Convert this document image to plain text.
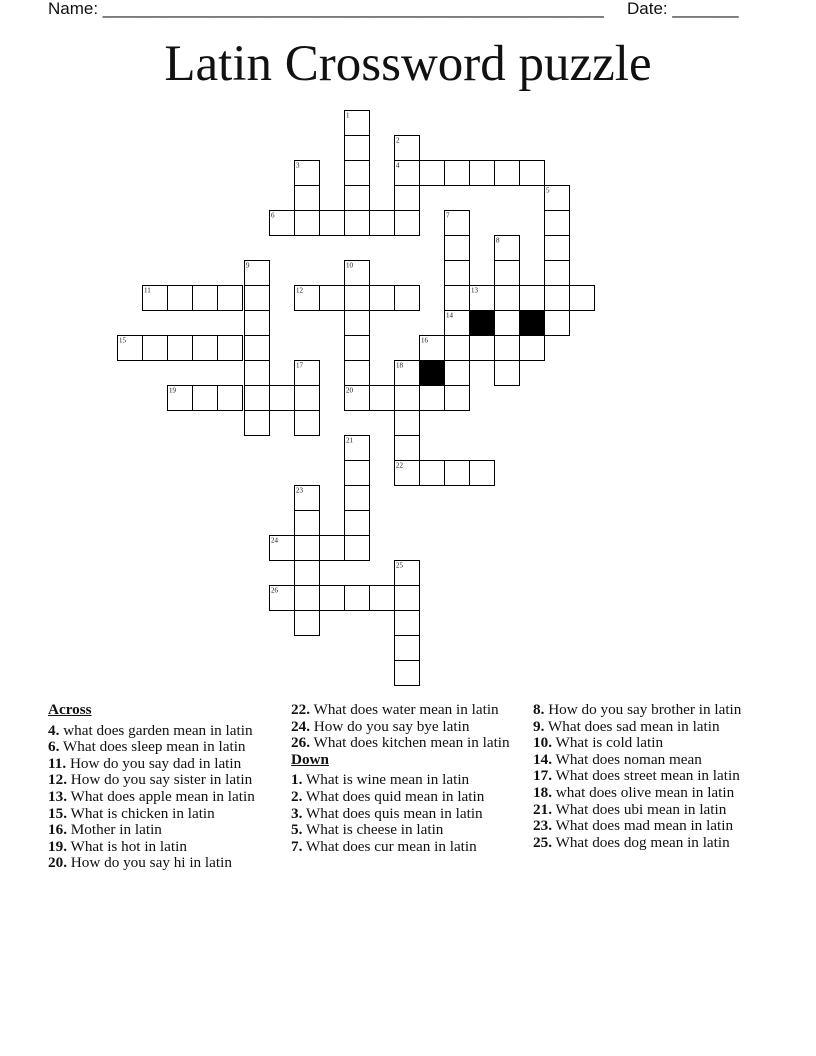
Name: _____________________________________________________ Date: _______
Latin Crossword puzzle
1
2
4
3
5
6	7
14
8
9	10
20
11	12	13
15	16
17	18
19
22
21
23
24
25
26
Across
4. what does garden mean in latin
6. What does sleep mean in latin
11. How do you say dad in latin
12. How do you say sister in latin
13. What does apple mean in latin
15. What is chicken in latin
16. Mother in latin
19. What is hot in latin
20. How do you say hi in latin
22. What does water mean in latin
24. How do you say bye latin
26. What does kitchen mean in latin
Down
1. What is wine mean in latin
2. What does quid mean in latin
3. What does quis mean in latin
5. What is cheese in latin
7. What does cur mean in latin
8. How do you say brother in latin
9. What does sad mean in latin
10. What is cold latin
14. What does noman mean
17. What does street mean in latin
18. what does olive mean in latin
21. What does ubi mean in latin
23. What does mad mean in latin
25. What does dog mean in latin
